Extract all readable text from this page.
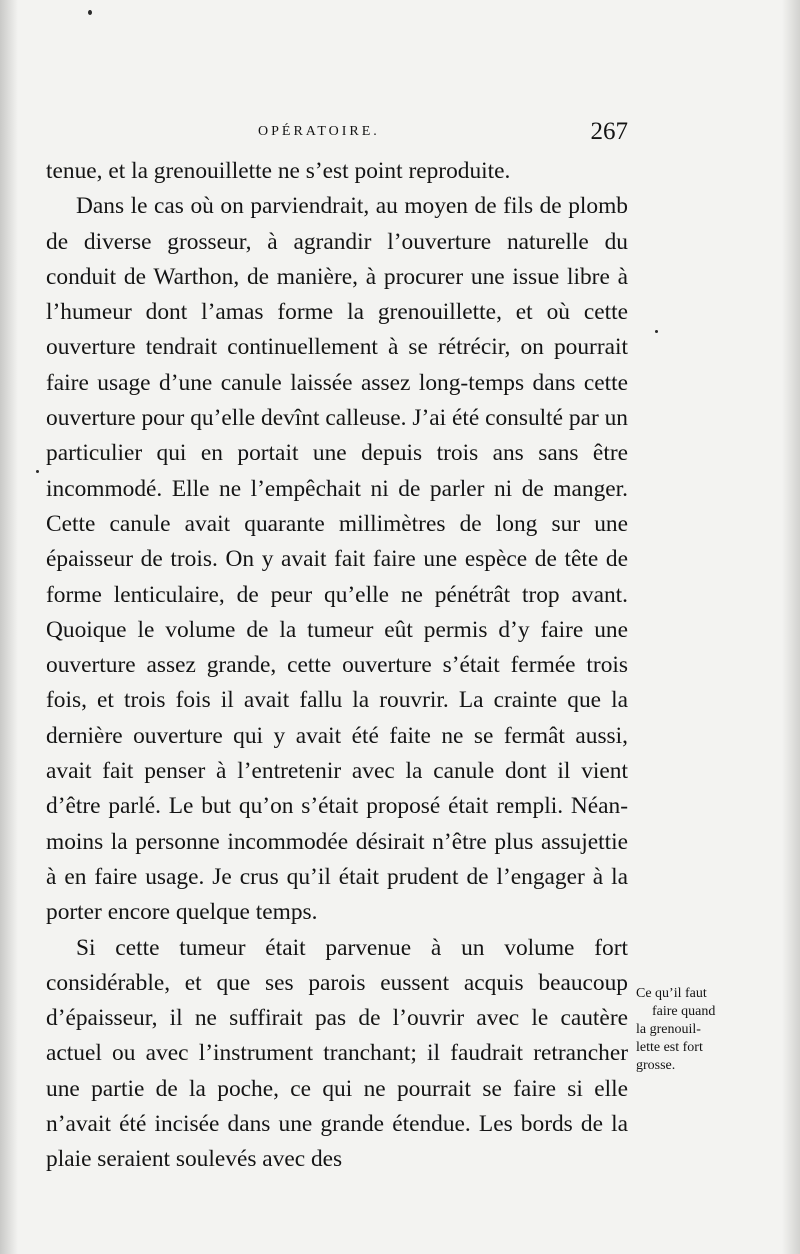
OPÉRATOIRE.	267

tenue, et la grenouillette ne s’est point reproduite.

Dans le cas où on parviendrait, au moyen de fils de plomb de diverse grosseur, à agrandir l’ouverture naturelle du conduit de Warthon, de manière, à procurer une issue libre à l’humeur dont l’amas forme la grenouillette, et où cette ouverture tendrait continuellement à se rétrécir, on pourrait faire usage d’une canule laissée assez long-temps dans cette ouverture pour qu’elle devînt calleuse. J’ai été consulté par un particulier qui en portait une depuis trois ans sans être incommodé. Elle ne l’empêchait ni de parler ni de manger. Cette canule avait quarante millimètres de long sur une épaisseur de trois. On y avait fait faire une espèce de tête de forme lenticulaire, de peur qu’elle ne pénétrât trop avant. Quoique le volume de la tumeur eût permis d’y faire une ouverture assez grande, cette ouverture s’était fermée trois fois, et trois fois il avait fallu la rouvrir. La crainte que la dernière ouverture qui y avait été faite ne se fermât aussi, avait fait penser à l’entretenir avec la canule dont il vient d’être parlé. Le but qu’on s’était proposé était rempli. Néanmoins la personne incommodée désirait n’être plus assujettie à en faire usage. Je crus qu’il était prudent de l’engager à la porter encore quelque temps.

Si cette tumeur était parvenue à un volume fort considérable, et que ses parois eussent acquis beaucoup d’épaisseur, il ne suffirait pas de l’ouvrir avec le cautère actuel ou avec l’instrument tranchant; il faudrait retrancher une partie de la poche, ce qui ne pourrait se faire si elle n’avait été incisée dans une grande étendue. Les bords de la plaie seraient soulevés avec des

Ce qu’il faut
faire quand
la grenouil-
lette est fort
grosse.
